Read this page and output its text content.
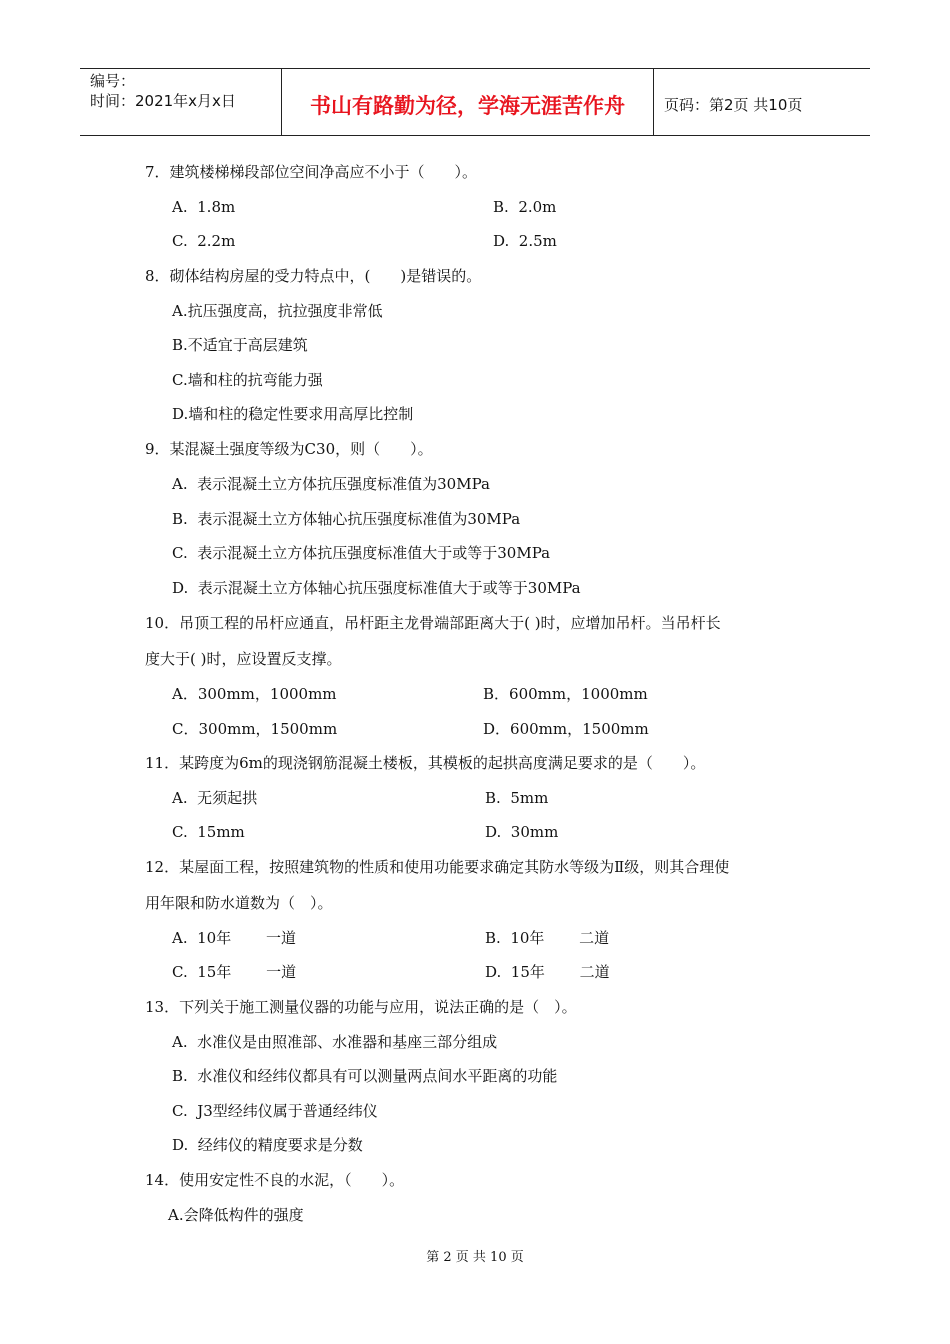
编号：
时间：2021年x月x日	书山有路勤为径，学海无涯苦作舟	页码：第2页 共10页
7．建筑楼梯梯段部位空间净高应不小于（　　）。
A.  1.8m	B.  2.0m
C.  2.2m	D.  2.5m
8．砌体结构房屋的受力特点中，(　　)是错误的。
A.抗压强度高，抗拉强度非常低
B.不适宜于高层建筑
C.墙和柱的抗弯能力强
D.墙和柱的稳定性要求用高厚比控制
9．某混凝土强度等级为C30，则（　　）。
A.  表示混凝土立方体抗压强度标准值为30MPa
B.  表示混凝土立方体轴心抗压强度标准值为30MPa
C.  表示混凝土立方体抗压强度标准值大于或等于30MPa
D.  表示混凝土立方体轴心抗压强度标准值大于或等于30MPa
10．吊顶工程的吊杆应通直，吊杆距主龙骨端部距离大于( )时，应增加吊杆。当吊杆长
度大于( )时，应设置反支撑。
A．300mm，1000mm	B．600mm，1000mm
C．300mm，1500mm	D．600mm，1500mm
11．某跨度为6m的现浇钢筋混凝土楼板，其模板的起拱高度满足要求的是（　　）。
A.  无须起拱	B.  5mm
C.  15mm	D.  30mm
12．某屋面工程，按照建筑物的性质和使用功能要求确定其防水等级为Ⅱ级，则其合理使
用年限和防水道数为（　）。
A.  10年　　 一道	B.  10年　　 二道
C.  15年　　 一道	D.  15年　　 二道
13．下列关于施工测量仪器的功能与应用，说法正确的是（　）。
A.  水准仪是由照准部、水准器和基座三部分组成
B.  水准仪和经纬仪都具有可以测量两点间水平距离的功能
C.  J3型经纬仪属于普通经纬仪
D.  经纬仪的精度要求是分数
14．使用安定性不良的水泥，（　　）。
A.会降低构件的强度
第 2 页 共 10 页
